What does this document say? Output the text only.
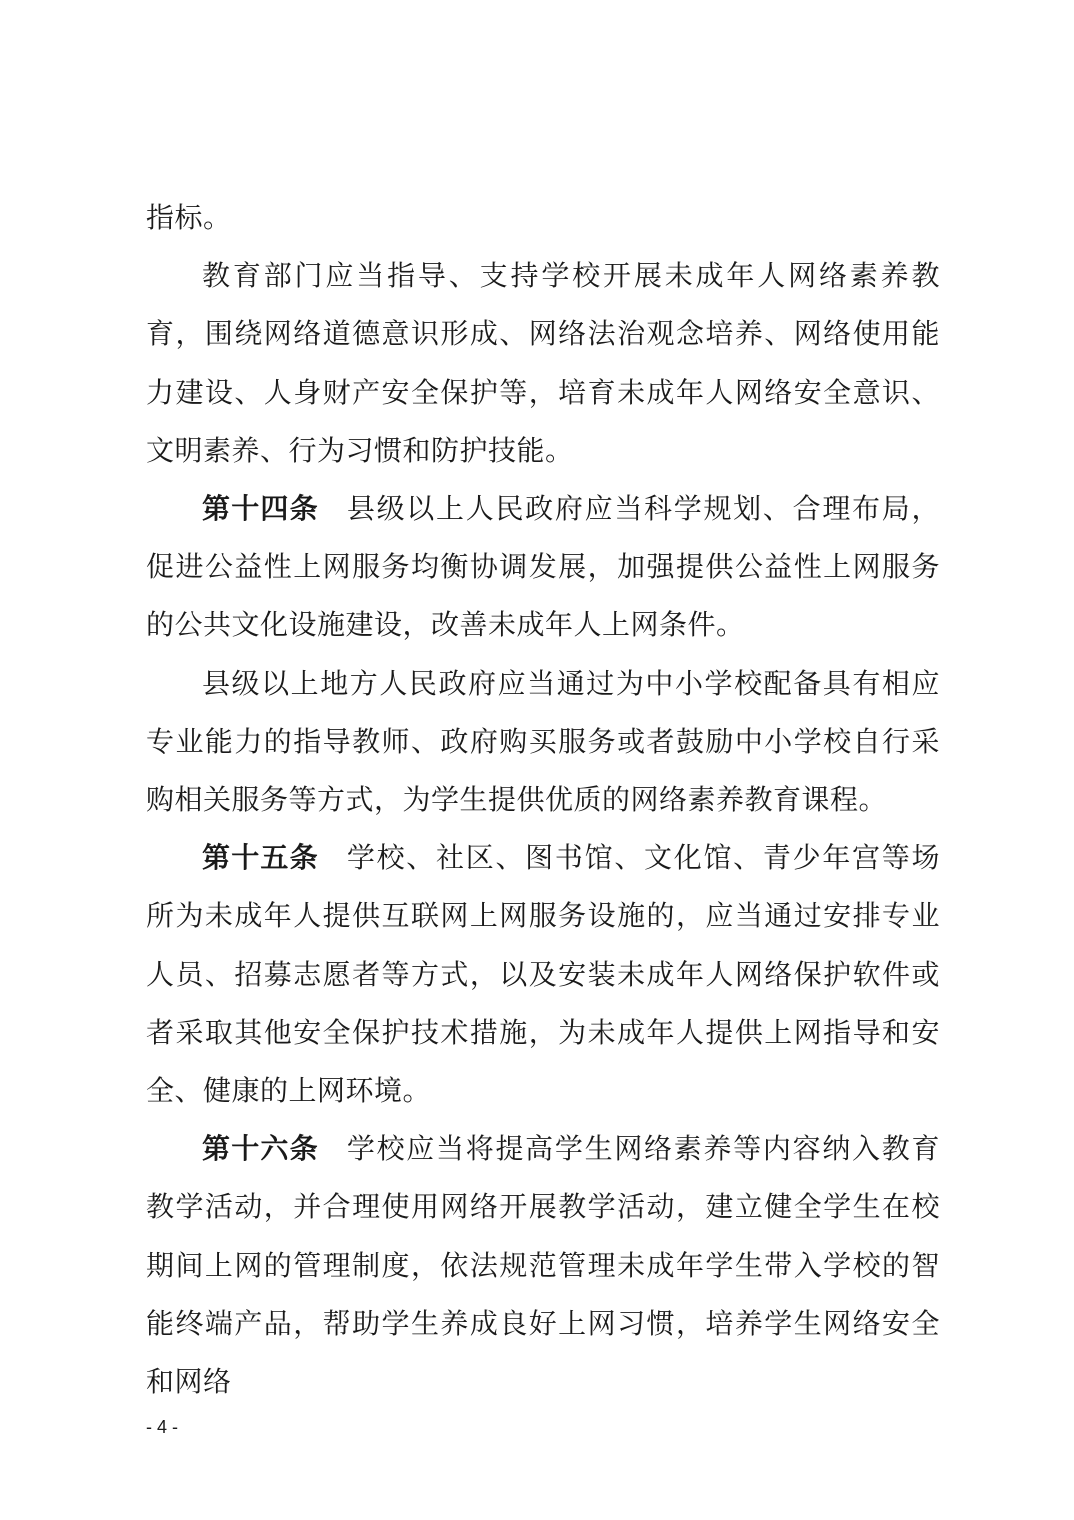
指标。

教育部门应当指导、支持学校开展未成年人网络素养教育，围绕网络道德意识形成、网络法治观念培养、网络使用能力建设、人身财产安全保护等，培育未成年人网络安全意识、文明素养、行为习惯和防护技能。

第十四条 县级以上人民政府应当科学规划、合理布局，促进公益性上网服务均衡协调发展，加强提供公益性上网服务的公共文化设施建设，改善未成年人上网条件。

县级以上地方人民政府应当通过为中小学校配备具有相应专业能力的指导教师、政府购买服务或者鼓励中小学校自行采购相关服务等方式，为学生提供优质的网络素养教育课程。

第十五条 学校、社区、图书馆、文化馆、青少年宫等场所为未成年人提供互联网上网服务设施的，应当通过安排专业人员、招募志愿者等方式，以及安装未成年人网络保护软件或者采取其他安全保护技术措施，为未成年人提供上网指导和安全、健康的上网环境。

第十六条 学校应当将提高学生网络素养等内容纳入教育教学活动，并合理使用网络开展教学活动，建立健全学生在校期间上网的管理制度，依法规范管理未成年学生带入学校的智能终端产品，帮助学生养成良好上网习惯，培养学生网络安全和网络

- 4 -
